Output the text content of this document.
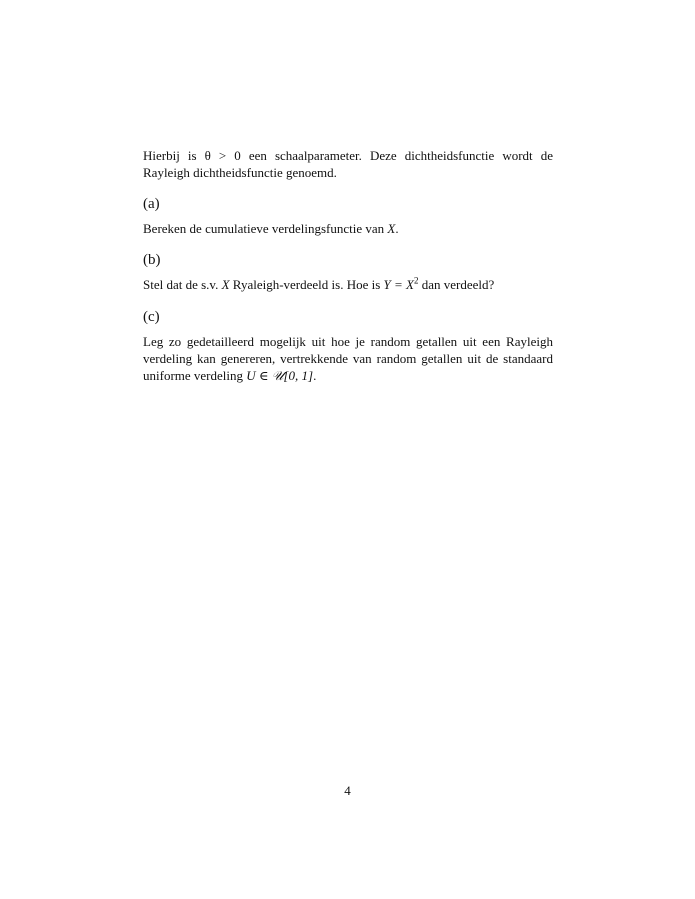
Hierbij is θ > 0 een schaalparameter. Deze dichtheidsfunctie wordt de
Rayleigh dichtheidsfunctie genoemd.
(a)
Bereken de cumulatieve verdelingsfunctie van X.
(b)
Stel dat de s.v. X Ryaleigh-verdeeld is. Hoe is $Y = X^2$ dan verdeeld?
(c)
Leg zo gedetailleerd mogelijk uit hoe je random getallen uit een Rayleigh
verdeling kan genereren, vertrekkende van random getallen uit de standaard
uniforme verdeling U ∈ 𝒰[0, 1].
4
